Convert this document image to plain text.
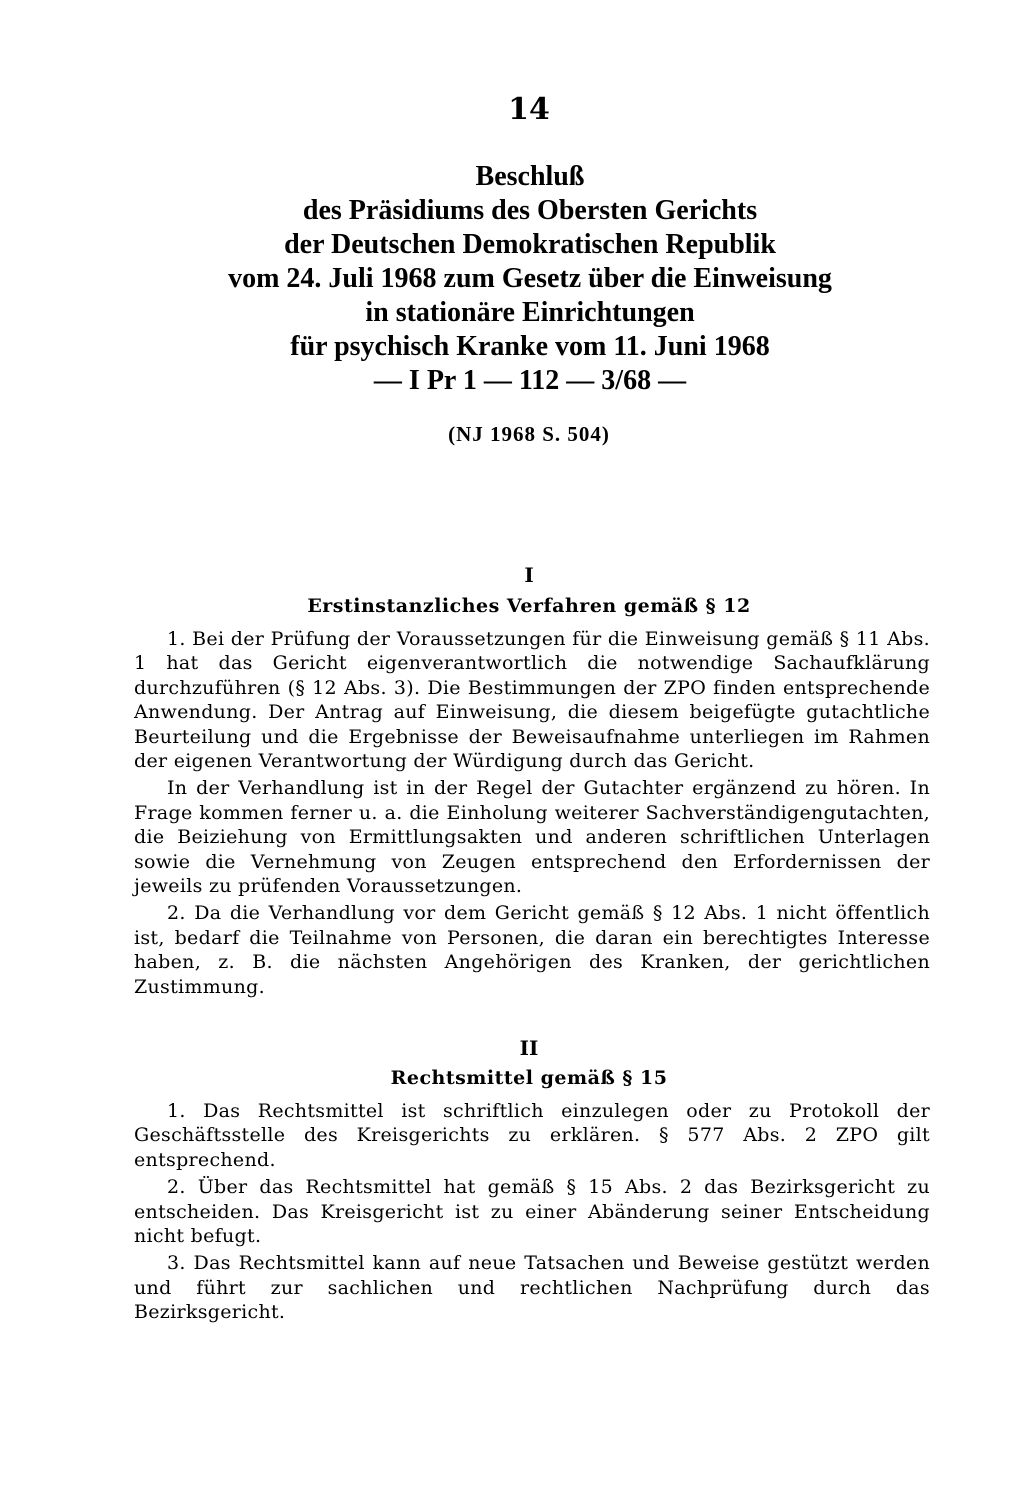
14
Beschluß
des Präsidiums des Obersten Gerichts
der Deutschen Demokratischen Republik
vom 24. Juli 1968 zum Gesetz über die Einweisung
in stationäre Einrichtungen
für psychisch Kranke vom 11. Juni 1968
— I Pr 1 — 112 — 3/68 —
(NJ 1968 S. 504)
I
Erstinstanzliches Verfahren gemäß § 12

1. Bei der Prüfung der Voraussetzungen für die Einweisung gemäß § 11 Abs. 1 hat das Gericht eigenverantwortlich die notwendige Sachaufklärung durchzuführen (§ 12 Abs. 3). Die Bestimmungen der ZPO finden entsprechende Anwendung. Der Antrag auf Einweisung, die diesem beigefügte gutachtliche Beurteilung und die Ergebnisse der Beweisaufnahme unterliegen im Rahmen der eigenen Verantwortung der Würdigung durch das Gericht.

In der Verhandlung ist in der Regel der Gutachter ergänzend zu hören. In Frage kommen ferner u. a. die Einholung weiterer Sachverständigengutachten, die Beiziehung von Ermittlungsakten und anderen schriftlichen Unterlagen sowie die Vernehmung von Zeugen entsprechend den Erfordernissen der jeweils zu prüfenden Voraussetzungen.

2. Da die Verhandlung vor dem Gericht gemäß § 12 Abs. 1 nicht öffentlich ist, bedarf die Teilnahme von Personen, die daran ein berechtigtes Interesse haben, z. B. die nächsten Angehörigen des Kranken, der gerichtlichen Zustimmung.

II
Rechtsmittel gemäß § 15

1. Das Rechtsmittel ist schriftlich einzulegen oder zu Protokoll der Geschäftsstelle des Kreisgerichts zu erklären. § 577 Abs. 2 ZPO gilt entsprechend.

2. Über das Rechtsmittel hat gemäß § 15 Abs. 2 das Bezirksgericht zu entscheiden. Das Kreisgericht ist zu einer Abänderung seiner Entscheidung nicht befugt.

3. Das Rechtsmittel kann auf neue Tatsachen und Beweise gestützt werden und führt zur sachlichen und rechtlichen Nachprüfung durch das Bezirksgericht.
